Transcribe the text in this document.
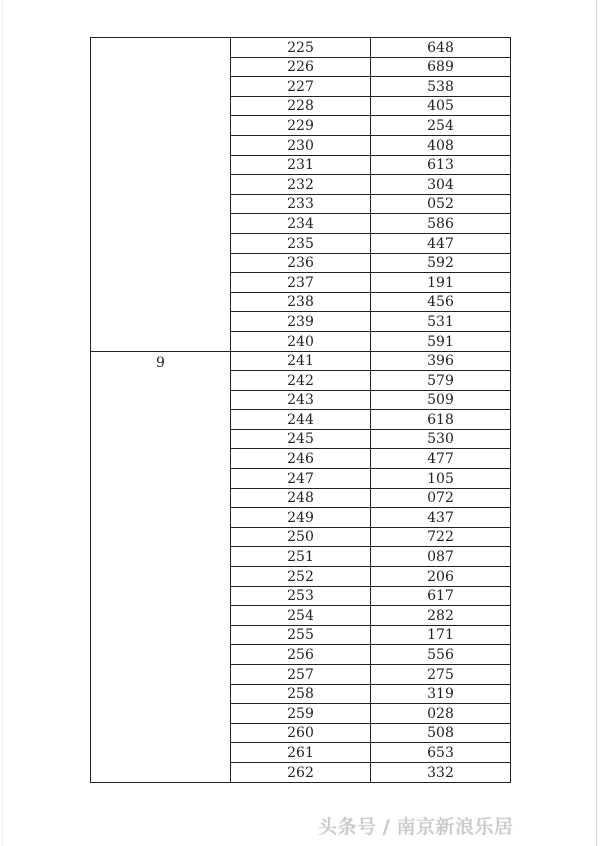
	225	648
226	689
227	538
228	405
229	254
230	408
231	613
232	304
233	052
234	586
235	447
236	592
237	191
238	456
239	531
240	591

9	241	396
242	579
243	509
244	618
245	530
246	477
247	105
248	072
249	437
250	722
251	087
252	206
253	617
254	282
255	171
256	556
257	275
258	319
259	028
260	508
261	653
262	332
头条号 / 南京新浪乐居
